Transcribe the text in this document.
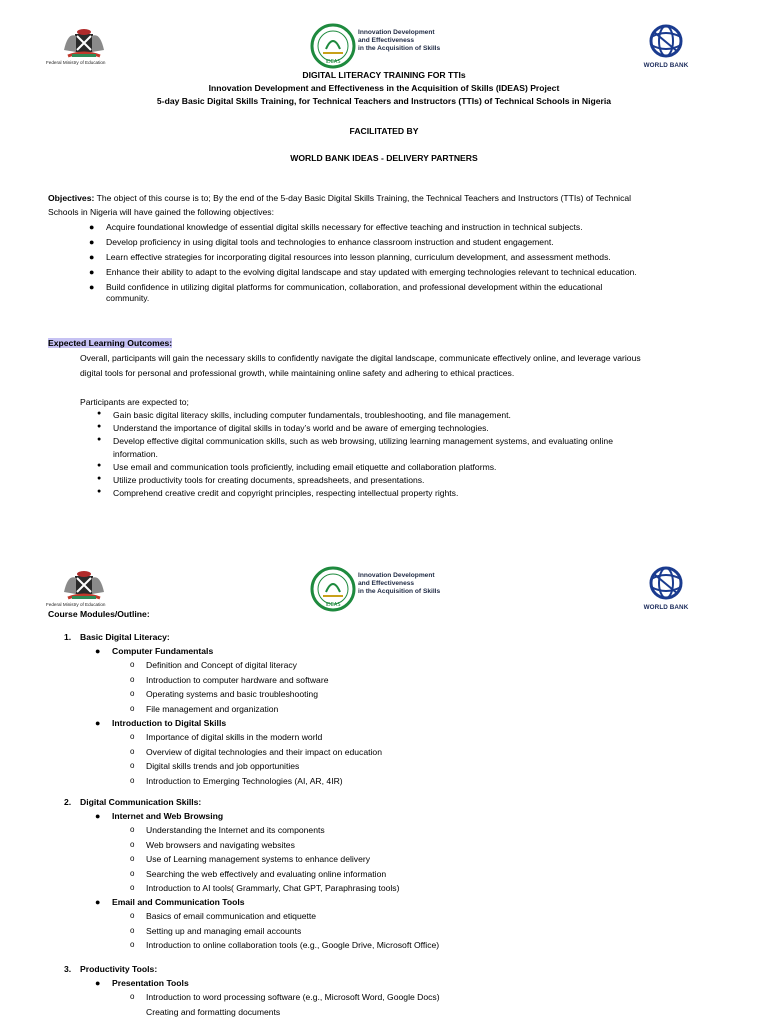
Federal Ministry of Education	IDEAS
Innovation Development
and Effectiveness
in the Acquisition of Skills
WORLD BANK
DIGITAL LITERACY TRAINING FOR TTIs
Innovation Development and Effectiveness in the Acquisition of Skills (IDEAS) Project
5-day Basic Digital Skills Training, for Technical Teachers and Instructors (TTIs) of Technical Schools in Nigeria
FACILITATED BY
WORLD BANK IDEAS - DELIVERY PARTNERS
Objectives: The object of this course is to; By the end of the 5-day Basic Digital Skills Training, the Technical Teachers and Instructors (TTIs) of Technical
Schools in Nigeria will have gained the following objectives:
● Acquire foundational knowledge of essential digital skills necessary for effective teaching and instruction in technical subjects.
● Develop proficiency in using digital tools and technologies to enhance classroom instruction and student engagement.
● Learn effective strategies for incorporating digital resources into lesson planning, curriculum development, and assessment methods.
● Enhance their ability to adapt to the evolving digital landscape and stay updated with emerging technologies relevant to technical education.
● Build confidence in utilizing digital platforms for communication, collaboration, and professional development within the educational
community.
Expected Learning Outcomes:
Overall, participants will gain the necessary skills to confidently navigate the digital landscape, communicate effectively online, and leverage various
digital tools for personal and professional growth, while maintaining online safety and adhering to ethical practices.
Participants are expected to;
● Gain basic digital literacy skills, including computer fundamentals, troubleshooting, and file management.
● Understand the importance of digital skills in today’s world and be aware of emerging technologies.
● Develop effective digital communication skills, such as web browsing, utilizing learning management systems, and evaluating online
information.
● Use email and communication tools proficiently, including email etiquette and collaboration platforms.
● Utilize productivity tools for creating documents, spreadsheets, and presentations.
● Comprehend creative credit and copyright principles, respecting intellectual property rights.
Federal Ministry of Education	IDEAS
Innovation Development
and Effectiveness
in the Acquisition of Skills
WORLD BANK
Course Modules/Outline:
1. Basic Digital Literacy:
● Computer Fundamentals
o Definition and Concept of digital literacy
o Introduction to computer hardware and software
o Operating systems and basic troubleshooting
o File management and organization
● Introduction to Digital Skills
o Importance of digital skills in the modern world
o Overview of digital technologies and their impact on education
o Digital skills trends and job opportunities
o Introduction to Emerging Technologies (AI, AR, 4IR)
2. Digital Communication Skills:
● Internet and Web Browsing
o Understanding the Internet and its components
o Web browsers and navigating websites
o Use of Learning management systems to enhance delivery
o Searching the web effectively and evaluating online information
o Introduction to AI tools( Grammarly, Chat GPT, Paraphrasing tools)
● Email and Communication Tools
o Basics of email communication and etiquette
o Setting up and managing email accounts
o Introduction to online collaboration tools (e.g., Google Drive, Microsoft Office)
3. Productivity Tools:
● Presentation Tools
o Introduction to word processing software (e.g., Microsoft Word, Google Docs)
Creating and formatting documents
